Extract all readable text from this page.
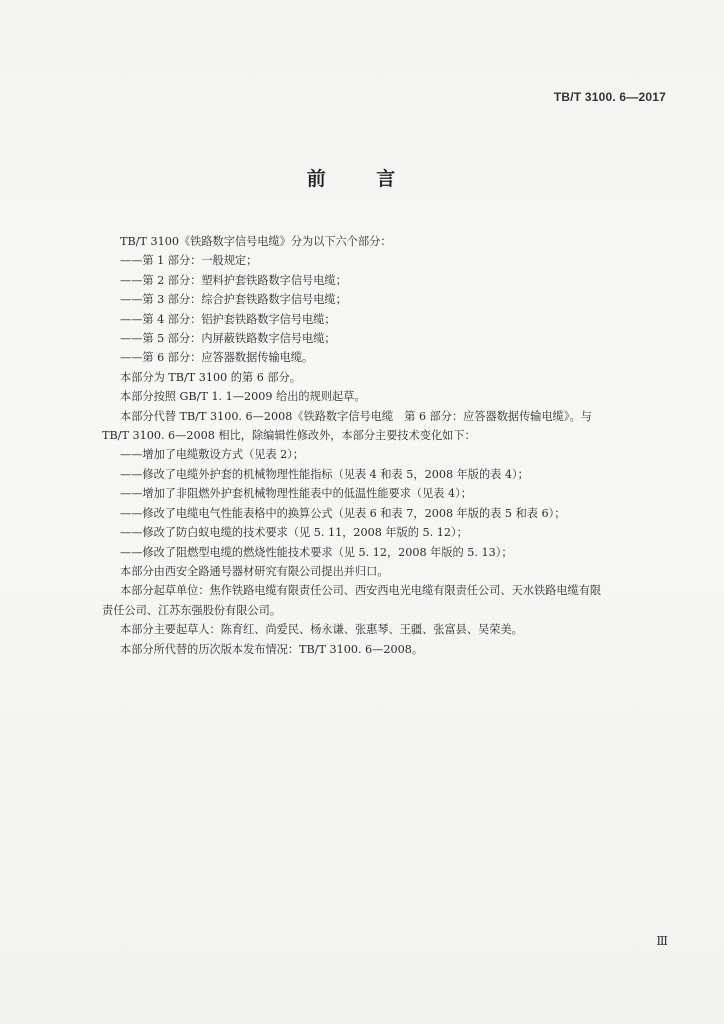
TB/T 3100. 6—2017
前 言

TB/T 3100《铁路数字信号电缆》分为以下六个部分：

——第 1 部分：一般规定；

——第 2 部分：塑料护套铁路数字信号电缆；

——第 3 部分：综合护套铁路数字信号电缆；

——第 4 部分：铝护套铁路数字信号电缆；

——第 5 部分：内屏蔽铁路数字信号电缆；

——第 6 部分：应答器数据传输电缆。

本部分为 TB/T 3100 的第 6 部分。

本部分按照 GB/T 1. 1—2009 给出的规则起草。

本部分代替 TB/T 3100. 6—2008《铁路数字信号电缆　第 6 部分：应答器数据传输电缆》。与

TB/T 3100. 6—2008 相比，除编辑性修改外，本部分主要技术变化如下：

——增加了电缆敷设方式（见表 2）；

——修改了电缆外护套的机械物理性能指标（见表 4 和表 5，2008 年版的表 4）；

——增加了非阻燃外护套机械物理性能表中的低温性能要求（见表 4）；

——修改了电缆电气性能表格中的换算公式（见表 6 和表 7，2008 年版的表 5 和表 6）；

——修改了防白蚁电缆的技术要求（见 5. 11，2008 年版的 5. 12）；

——修改了阻燃型电缆的燃烧性能技术要求（见 5. 12，2008 年版的 5. 13）；

本部分由西安全路通号器材研究有限公司提出并归口。

本部分起草单位：焦作铁路电缆有限责任公司、西安西电光电缆有限责任公司、天水铁路电缆有限

责任公司、江苏东强股份有限公司。

本部分主要起草人：陈育红、尚爱民、杨永谦、张惠琴、王疆、张富县、吴荣美。

本部分所代替的历次版本发布情况：TB/T 3100. 6—2008。

Ⅲ
